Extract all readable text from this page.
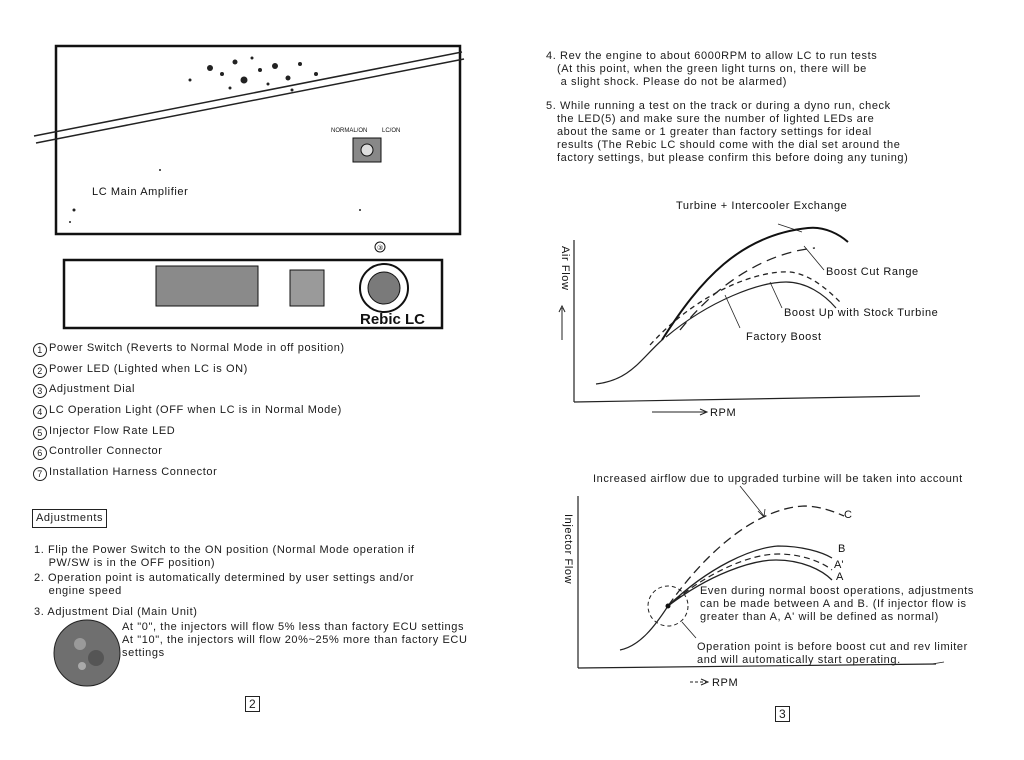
NORMAL/ON LC/ON
LC Main Amplifier
③
Rebic LC
1 Power Switch (Reverts to Normal Mode in off position)
2 Power LED (Lighted when LC is ON)
3 Adjustment Dial
4 LC Operation Light (OFF when LC is in Normal Mode)
5 Injector Flow Rate LED
6 Controller Connector
7 Installation Harness Connector
Adjustments
1. Flip the Power Switch to the ON position (Normal Mode operation if
PW/SW is in the OFF position)
2. Operation point is automatically determined by user settings and/or
engine speed
3. Adjustment Dial (Main Unit)
At "0", the injectors will flow 5% less than factory ECU settings
At "10", the injectors will flow 20%~25% more than factory ECU
settings
2
4. Rev the engine to about 6000RPM to allow LC to run tests
(At this point, when the green light turns on, there will be
a slight shock. Please do not be alarmed)
5. While running a test on the track or during a dyno run, check
the LED(5) and make sure the number of lighted LEDs are
about the same or 1 greater than factory settings for ideal
results (The Rebic LC should come with the dial set around the
factory settings, but please confirm this before doing any tuning)
Air Flow
RPM
Turbine + Intercooler Exchange
Boost Cut Range
Boost Up with Stock Turbine
Factory Boost
Injector Flow
RPM
C
B
A'
A
Increased airflow due to upgraded turbine will be taken into account
Even during normal boost operations, adjustments
can be made between A and B. (If injector flow is
greater than A, A' will be defined as normal)
Operation point is before boost cut and rev limiter
and will automatically start operating.
3
